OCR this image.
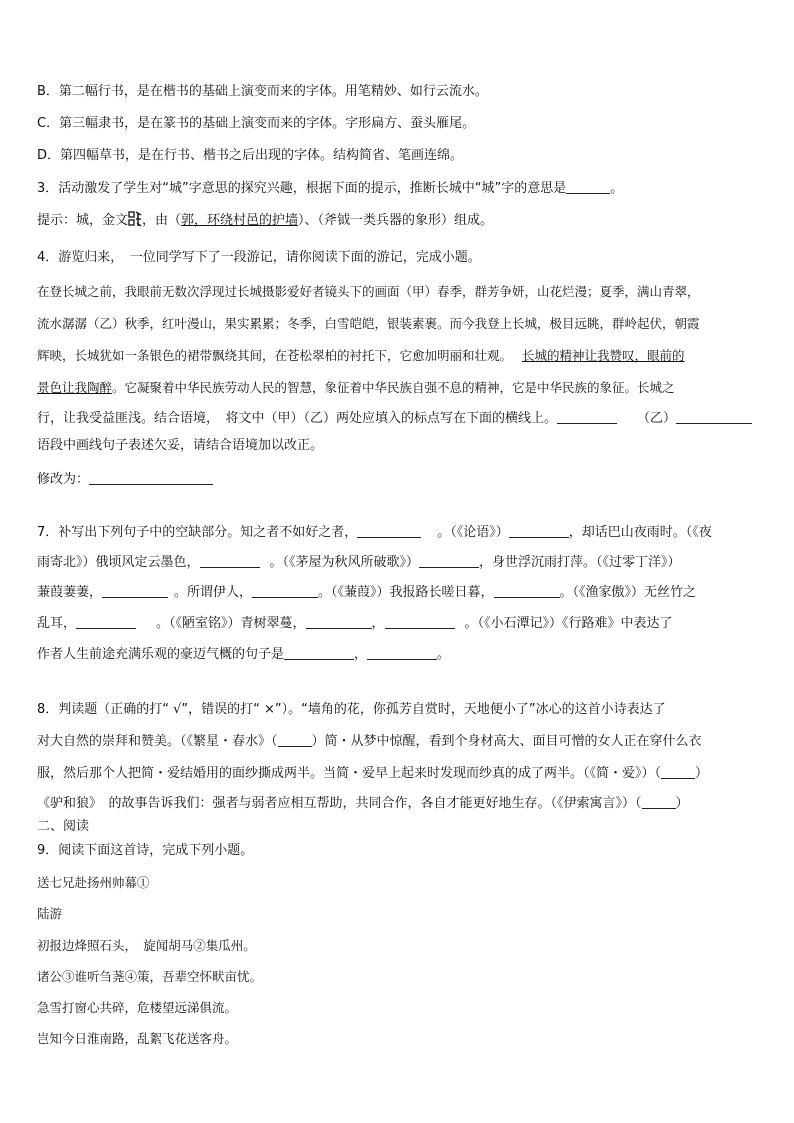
B．第二幅行书，是在楷书的基础上演变而来的字体。用笔精妙、如行云流水。
C．第三幅隶书，是在篆书的基础上演变而来的字体。字形扁方、蚕头雁尾。
D．第四幅草书，是在行书、楷书之后出现的字体。结构简省、笔画连绵。
3．活动激发了学生对“城”字意思的探究兴趣，根据下面的提示，推断长城中“城”字的意思是	。
提示：城，金文 ，由（郭，环绕村邑的护墙）、（斧钺一类兵器的象形）组成。
4．游览归来，　一位同学写下了一段游记，请你阅读下面的游记，完成小题。
在登长城之前，我眼前无数次浮现过长城摄影爱好者镜头下的画面（甲）春季，群芳争妍，山花烂漫；夏季，满山青翠，
流水潺潺（乙）秋季，红叶漫山，果实累累；冬季，白雪皑皑，银装素裹。而今我登上长城，极目远眺，群岭起伏，朝霞
辉映，长城犹如一条银色的裙带飘绕其间，在苍松翠柏的衬托下，它愈加明丽和壮观。 长城的精神让我赞叹，眼前的
景色让我陶醉。它凝聚着中华民族劳动人民的智慧，象征着中华民族自强不息的精神，它是中华民族的象征。长城之
行，让我受益匪浅。结合语境，　将文中（甲）（乙）两处应填入的标点写在下面的横线上。	（乙）
语段中画线句子表述欠妥，请结合语境加以改正。
修改为：
7．补写出下列句子中的空缺部分。知之者不如好之者，	。（《论语》）	，却话巴山夜雨时。（《夜
雨寄北》）俄顷风定云墨色，	。（《茅屋为秋风所破歌》）	，身世浮沉雨打萍。（《过零丁洋》）
蒹葭萋萋，	。所谓伊人，	。（《蒹葭》）我报路长嗟日暮，	。（《渔家傲》）无丝竹之
乱耳，	。（《陋室铭》）青树翠蔓，	，	。（《小石潭记》）《行路难》中表达了
作者人生前途充满乐观的豪迈气概的句子是	，	。
8．判读题（正确的打“ √”，错误的打“ ×”）。“墙角的花，你孤芳自赏时，天地便小了”冰心的这首小诗表达了
对大自然的崇拜和赞美。（《繁星・春水》（	）简・从梦中惊醒，看到个身材高大、面目可憎的女人正在穿什么衣
服，然后那个人把简・爱结婚用的面纱撕成两半。当简・爱早上起来时发现而纱真的成了两半。（《简・爱》）（	）
《驴和狼》　的故事告诉我们：强者与弱者应相互帮助，共同合作，各自才能更好地生存。（《伊索寓言》）（	）
二、阅读
9．阅读下面这首诗，完成下列小题。
送七兄赴扬州帅幕①
陆游
初报边烽照石头，　旋闻胡马②集瓜州。
诸公③谁听刍荛④策，吾辈空怀畎亩忧。
急雪打窗心共碎，危楼望远涕俱流。
岂知今日淮南路，乱絮飞花送客舟。
